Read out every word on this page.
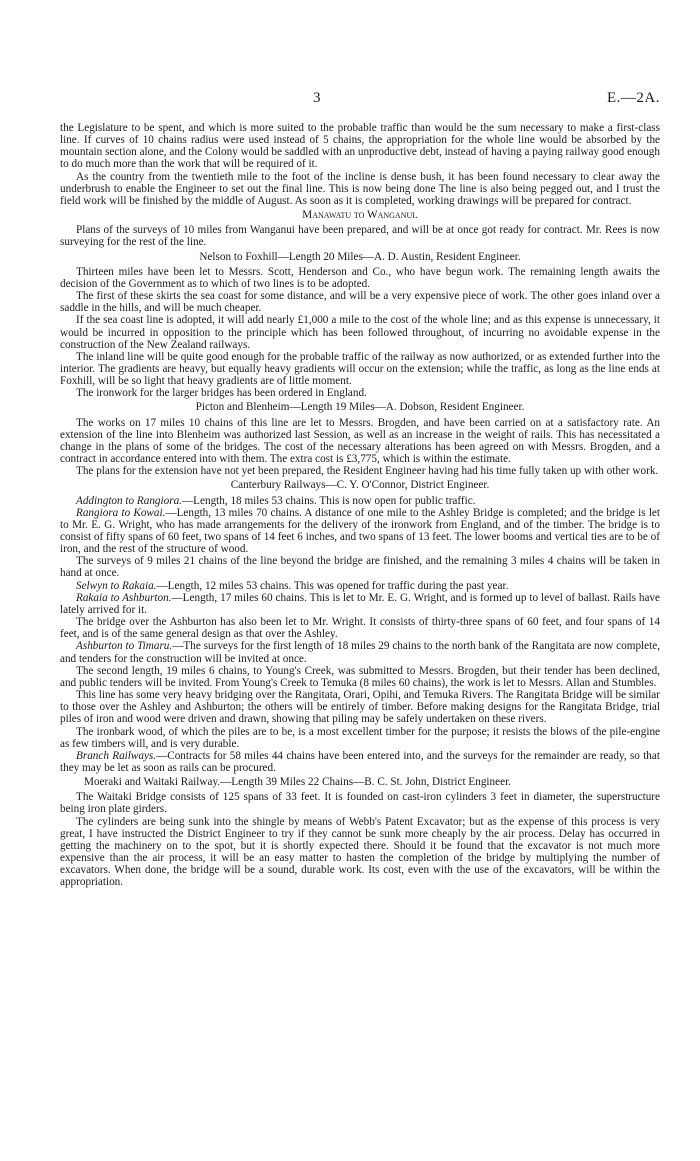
3	E.—2A.

the Legislature to be spent, and which is more suited to the probable traffic than would be the sum necessary to make a first-class line. If curves of 10 chains radius were used instead of 5 chains, the appropriation for the whole line would be absorbed by the mountain section alone, and the Colony would be saddled with an unproductive debt, instead of having a paying railway good enough to do much more than the work that will be required of it.

As the country from the twentieth mile to the foot of the incline is dense bush, it has been found necessary to clear away the underbrush to enable the Engineer to set out the final line. This is now being done The line is also being pegged out, and I trust the field work will be finished by the middle of August. As soon as it is completed, working drawings will be prepared for contract.

Manawatu to Wanganui.

Plans of the surveys of 10 miles from Wanganui have been prepared, and will be at once got ready for contract. Mr. Rees is now surveying for the rest of the line.

Nelson to Foxhill—Length 20 Miles—A. D. Austin, Resident Engineer.

Thirteen miles have been let to Messrs. Scott, Henderson and Co., who have begun work. The remaining length awaits the decision of the Government as to which of two lines is to be adopted.

The first of these skirts the sea coast for some distance, and will be a very expensive piece of work. The other goes inland over a saddle in the hills, and will be much cheaper.

If the sea coast line is adopted, it will add nearly £1,000 a mile to the cost of the whole line; and as this expense is unnecessary, it would be incurred in opposition to the principle which has been followed throughout, of incurring no avoidable expense in the construction of the New Zealand railways.

The inland line will be quite good enough for the probable traffic of the railway as now authorized, or as extended further into the interior. The gradients are heavy, but equally heavy gradients will occur on the extension; while the traffic, as long as the line ends at Foxhill, will be so light that heavy gradients are of little moment.

The ironwork for the larger bridges has been ordered in England.

Picton and Blenheim—Length 19 Miles—A. Dobson, Resident Engineer.

The works on 17 miles 10 chains of this line are let to Messrs. Brogden, and have been carried on at a satisfactory rate. An extension of the line into Blenheim was authorized last Session, as well as an increase in the weight of rails. This has necessitated a change in the plans of some of the bridges. The cost of the necessary alterations has been agreed on with Messrs. Brogden, and a contract in accordance entered into with them. The extra cost is £3,775, which is within the estimate.

The plans for the extension have not yet been prepared, the Resident Engineer having had his time fully taken up with other work.

Canterbury Railways—C. Y. O'Connor, District Engineer.

Addington to Rangiora.—Length, 18 miles 53 chains. This is now open for public traffic.

Rangiora to Kowai.—Length, 13 miles 70 chains. A distance of one mile to the Ashley Bridge is completed; and the bridge is let to Mr. E. G. Wright, who has made arrangements for the delivery of the ironwork from England, and of the timber. The bridge is to consist of fifty spans of 60 feet, two spans of 14 feet 6 inches, and two spans of 13 feet. The lower booms and vertical ties are to be of iron, and the rest of the structure of wood.

The surveys of 9 miles 21 chains of the line beyond the bridge are finished, and the remaining 3 miles 4 chains will be taken in hand at once.

Selwyn to Rakaia.—Length, 12 miles 53 chains. This was opened for traffic during the past year.

Rakaia to Ashburton.—Length, 17 miles 60 chains. This is let to Mr. E. G. Wright, and is formed up to level of ballast. Rails have lately arrived for it.

The bridge over the Ashburton has also been let to Mr. Wright. It consists of thirty-three spans of 60 feet, and four spans of 14 feet, and is of the same general design as that over the Ashley.

Ashburton to Timaru.—The surveys for the first length of 18 miles 29 chains to the north bank of the Rangitata are now complete, and tenders for the construction will be invited at once.

The second length, 19 miles 6 chains, to Young's Creek, was submitted to Messrs. Brogden, but their tender has been declined, and public tenders will be invited. From Young's Creek to Temuka (8 miles 60 chains), the work is let to Messrs. Allan and Stumbles.

This line has some very heavy bridging over the Rangitata, Orari, Opihi, and Temuka Rivers. The Rangitata Bridge will be similar to those over the Ashley and Ashburton; the others will be entirely of timber. Before making designs for the Rangitata Bridge, trial piles of iron and wood were driven and drawn, showing that piling may be safely undertaken on these rivers.

The ironbark wood, of which the piles are to be, is a most excellent timber for the purpose; it resists the blows of the pile-engine as few timbers will, and is very durable.

Branch Railways.—Contracts for 58 miles 44 chains have been entered into, and the surveys for the remainder are ready, so that they may be let as soon as rails can be procured.

Moeraki and Waitaki Railway.—Length 39 Miles 22 Chains—B. C. St. John, District Engineer.

The Waitaki Bridge consists of 125 spans of 33 feet. It is founded on cast-iron cylinders 3 feet in diameter, the superstructure being iron plate girders.

The cylinders are being sunk into the shingle by means of Webb's Patent Excavator; but as the expense of this process is very great, I have instructed the District Engineer to try if they cannot be sunk more cheaply by the air process. Delay has occurred in getting the machinery on to the spot, but it is shortly expected there. Should it be found that the excavator is not much more expensive than the air process, it will be an easy matter to hasten the completion of the bridge by multiplying the number of excavators. When done, the bridge will be a sound, durable work. Its cost, even with the use of the excavators, will be within the appropriation.
